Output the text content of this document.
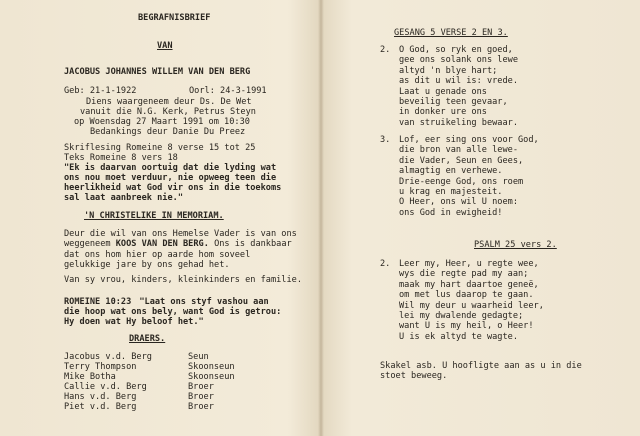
BEGRAFNISBRIEF
VAN
JACOBUS JOHANNES WILLEM VAN DEN BERG
Geb: 21-1-1922	Oorl: 24-3-1991
Diens waargeneem deur Ds. De Wet
vanuit die N.G. Kerk, Petrus Steyn
op Woensdag 27 Maart 1991 om 10:30
Bedankings deur Danie Du Preez
Skriflesing Romeine 8 verse 15 tot 25
Teks Romeine 8 vers 18
"Ek is daarvan oortuig dat die lyding wat
ons nou moet verduur, nie opweeg teen die
heerlikheid wat God vir ons in die toekoms
sal laat aanbreek nie."
'N CHRISTELIKE IN MEMORIAM.
Deur die wil van ons Hemelse Vader is van ons weggeneem KOOS VAN DEN BERG. Ons is dankbaar dat ons hom hier op aarde hom soveel gelukkige jare by ons gehad het.
Van sy vrou, kinders, kleinkinders en familie.
ROMEINE 10:23
"Laat ons styf vashou aan
die hoop wat ons bely, want God is getrou:
Hy doen wat Hy beloof het."
DRAERS.
Jacobus v.d. Berg	Seun
Terry Thompson	Skoonseun
Mike Botha	Skoonseun
Callie v.d. Berg	Broer
Hans v.d. Berg	Broer
Piet v.d. Berg	Broer
GESANG 5 VERSE 2 EN 3.
2. O God, so ryk en goed,
gee ons solank ons lewe
altyd 'n blye hart;
as dit u wil is: vrede.
Laat u genade ons
beveilig teen gevaar,
in donker ure ons
van struikeling bewaar.
3. Lof, eer sing ons voor God,
die bron van alle lewe-
die Vader, Seun en Gees,
almagtig en verhewe.
Drie-eenge God, ons roem
u krag en majesteit.
O Heer, ons wil U noem:
ons God in ewigheid!
PSALM 25 vers 2.
2. Leer my, Heer, u regte wee,
wys die regte pad my aan;
maak my hart daartoe geneë,
om met lus daarop te gaan.
Wil my deur u waarheid leer,
lei my dwalende gedagte;
want U is my heil, o Heer!
U is ek altyd te wagte.
Skakel asb. U hoofligte aan as u in die
stoet beweeg.
